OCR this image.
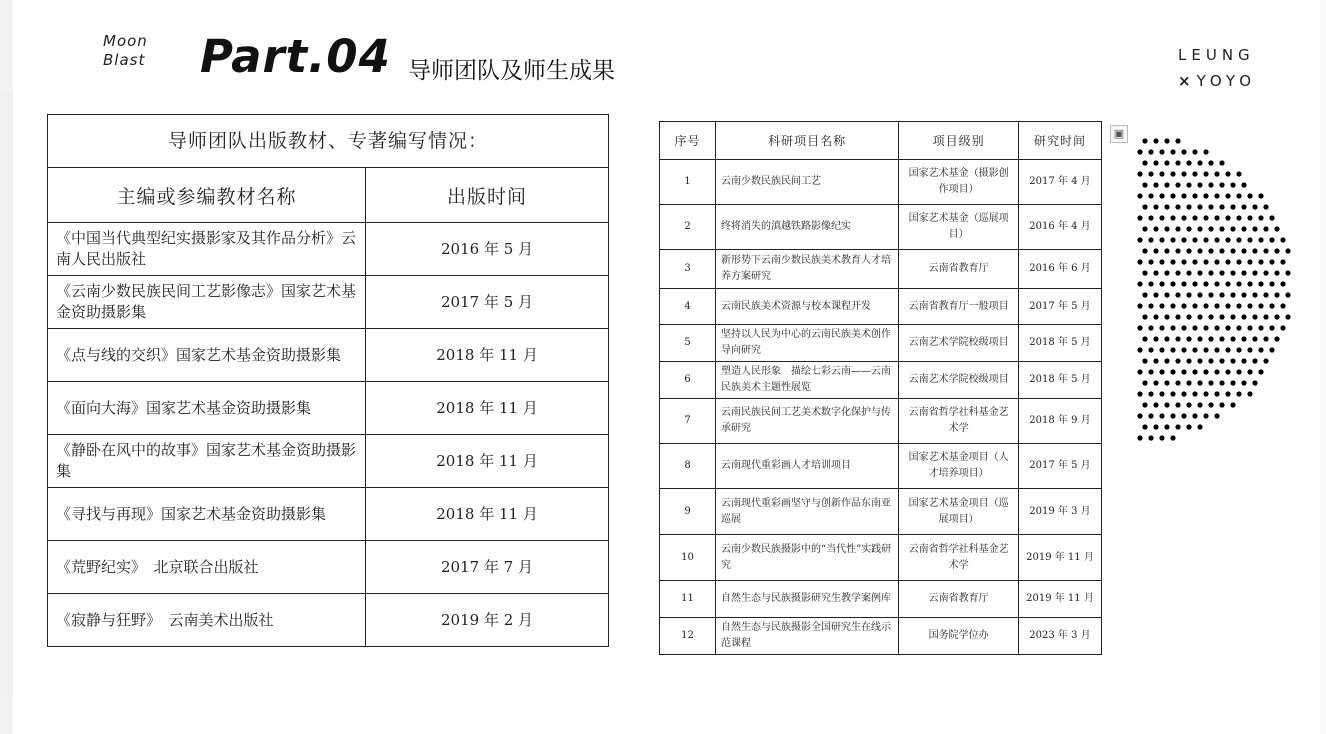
Moon
Blast Part.04 导师团队及师生成果
LEUNG
× YOYO
导师团队出版教材、专著编写情况：	
主编或参编教材名称	出版时间
《中国当代典型纪实摄影家及其作品分析》云南人民出版社	2016 年 5 月
《云南少数民族民间工艺影像志》国家艺术基金资助摄影集	2017 年 5 月
《点与线的交织》国家艺术基金资助摄影集	2018 年 11 月
《面向大海》国家艺术基金资助摄影集	2018 年 11 月
《静卧在风中的故事》国家艺术基金资助摄影集	2018 年 11 月
《寻找与再现》国家艺术基金资助摄影集	2018 年 11 月
《荒野纪实》　北京联合出版社	2017 年 7 月
《寂静与狂野》　云南美术出版社	2019 年 2 月
序号	科研项目名称	项目级别	研究时间
1	云南少数民族民间工艺	国家艺术基金（摄影创作项目）	2017 年 4 月
2	终将消失的滇越铁路影像纪实	国家艺术基金（巡展项目）	2016 年 4 月
3	新形势下云南少数民族美术教育人才培养方案研究	云南省教育厅	2016 年 6 月
4	云南民族美术资源与校本课程开发	云南省教育厅一般项目	2017 年 5 月
5	坚持以人民为中心的云南民族美术创作导向研究	云南艺术学院校级项目	2018 年 5 月
6	塑造人民形象　描绘七彩云南——云南民族美术主题性展览	云南艺术学院校级项目	2018 年 5 月
7	云南民族民间工艺美术数字化保护与传承研究	云南省哲学社科基金艺术学	2018 年 9 月
8	云南现代重彩画人才培训项目	国家艺术基金项目（人才培养项目）	2017 年 5 月
9	云南现代重彩画坚守与创新作品东南亚巡展	国家艺术基金项目（巡展项目）	2019 年 3 月
10	云南少数民族摄影中的“当代性”实践研究	云南省哲学社科基金艺术学	2019 年 11 月
11	自然生态与民族摄影研究生教学案例库	云南省教育厅	2019 年 11 月
12	自然生态与民族摄影全国研究生在线示范课程	国务院学位办	2023 年 3 月
▣
